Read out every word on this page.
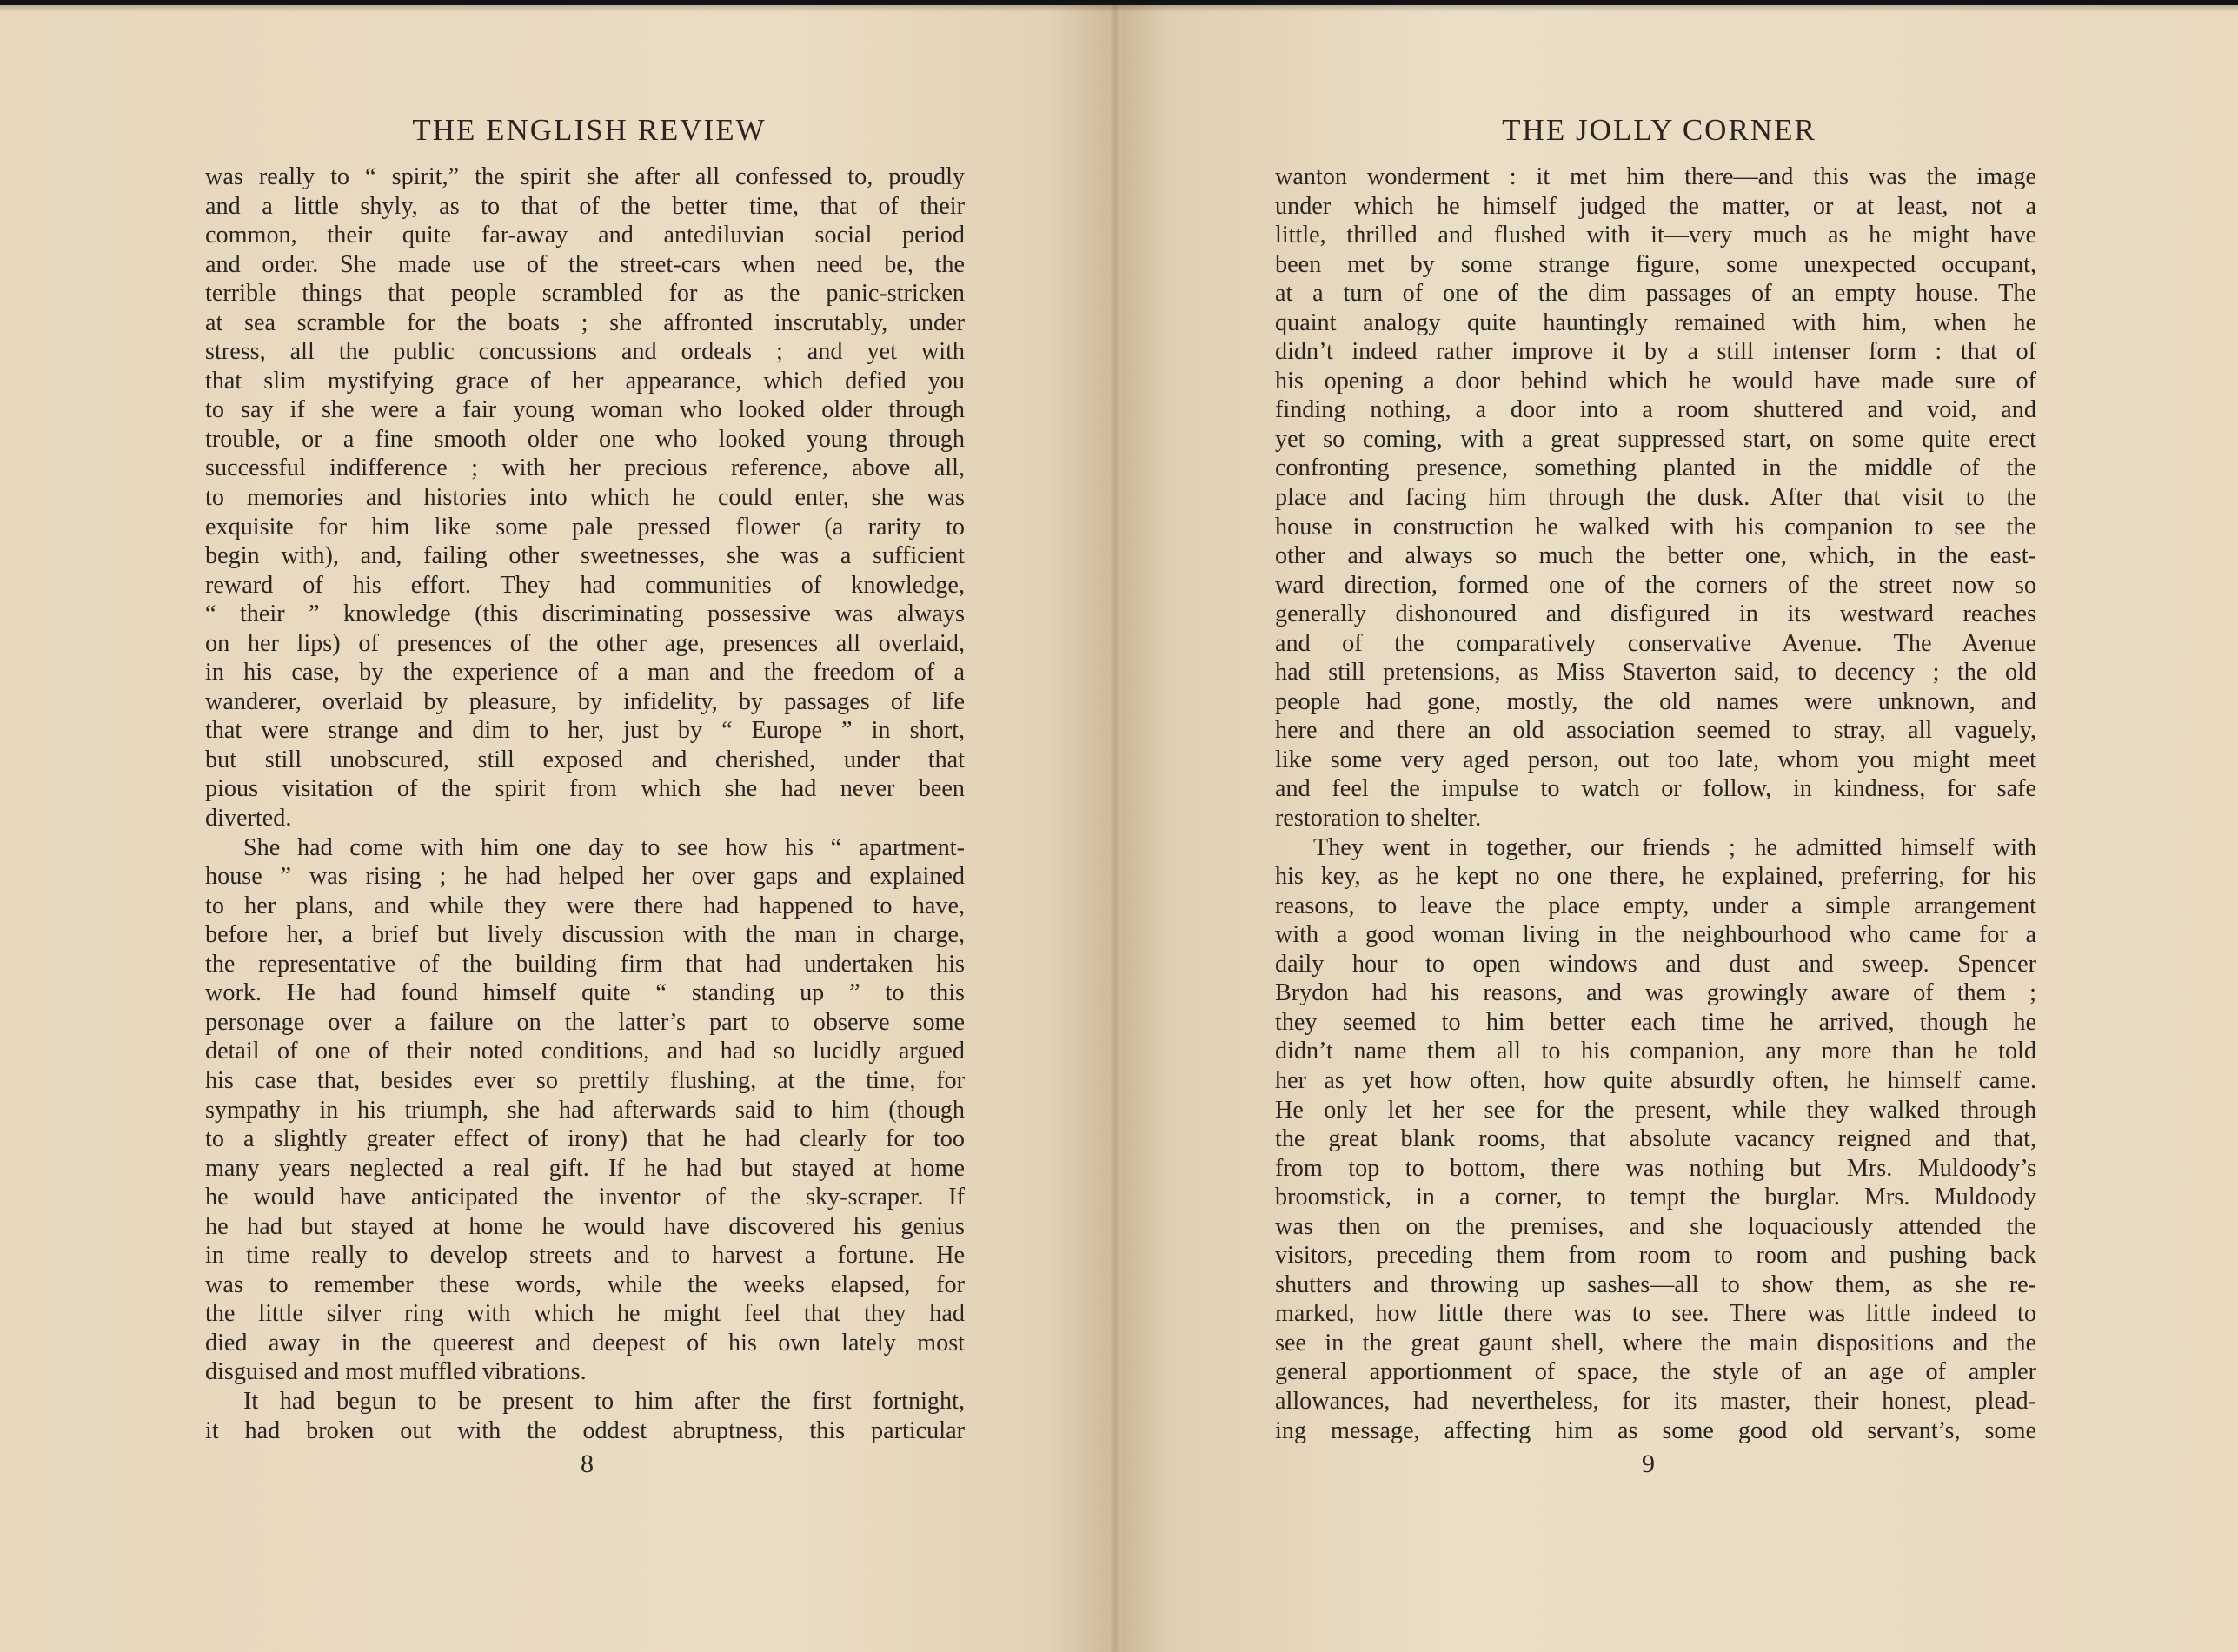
THE ENGLISH REVIEW
was really to “ spirit,” the spirit she after all confessed to, proudly
and a little shyly, as to that of the better time, that of their
common, their quite far-away and antediluvian social period
and order. She made use of the street-cars when need be, the
terrible things that people scrambled for as the panic-stricken
at sea scramble for the boats ; she affronted inscrutably, under
stress, all the public concussions and ordeals ; and yet with
that slim mystifying grace of her appearance, which defied you
to say if she were a fair young woman who looked older through
trouble, or a fine smooth older one who looked young through
successful indifference ; with her precious reference, above all,
to memories and histories into which he could enter, she was
exquisite for him like some pale pressed flower (a rarity to
begin with), and, failing other sweetnesses, she was a sufficient
reward of his effort. They had communities of knowledge,
“ their ” knowledge (this discriminating possessive was always
on her lips) of presences of the other age, presences all overlaid,
in his case, by the experience of a man and the freedom of a
wanderer, overlaid by pleasure, by infidelity, by passages of life
that were strange and dim to her, just by “ Europe ” in short,
but still unobscured, still exposed and cherished, under that
pious visitation of the spirit from which she had never been
diverted.
She had come with him one day to see how his “ apartment-
house ” was rising ; he had helped her over gaps and explained
to her plans, and while they were there had happened to have,
before her, a brief but lively discussion with the man in charge,
the representative of the building firm that had undertaken his
work. He had found himself quite “ standing up ” to this
personage over a failure on the latter’s part to observe some
detail of one of their noted conditions, and had so lucidly argued
his case that, besides ever so prettily flushing, at the time, for
sympathy in his triumph, she had afterwards said to him (though
to a slightly greater effect of irony) that he had clearly for too
many years neglected a real gift. If he had but stayed at home
he would have anticipated the inventor of the sky-scraper. If
he had but stayed at home he would have discovered his genius
in time really to develop streets and to harvest a fortune. He
was to remember these words, while the weeks elapsed, for
the little silver ring with which he might feel that they had
died away in the queerest and deepest of his own lately most
disguised and most muffled vibrations.
It had begun to be present to him after the first fortnight,
it had broken out with the oddest abruptness, this particular
8
THE JOLLY CORNER
wanton wonderment : it met him there—and this was the image
under which he himself judged the matter, or at least, not a
little, thrilled and flushed with it—very much as he might have
been met by some strange figure, some unexpected occupant,
at a turn of one of the dim passages of an empty house. The
quaint analogy quite hauntingly remained with him, when he
didn’t indeed rather improve it by a still intenser form : that of
his opening a door behind which he would have made sure of
finding nothing, a door into a room shuttered and void, and
yet so coming, with a great suppressed start, on some quite erect
confronting presence, something planted in the middle of the
place and facing him through the dusk. After that visit to the
house in construction he walked with his companion to see the
other and always so much the better one, which, in the east-
ward direction, formed one of the corners of the street now so
generally dishonoured and disfigured in its westward reaches
and of the comparatively conservative Avenue. The Avenue
had still pretensions, as Miss Staverton said, to decency ; the old
people had gone, mostly, the old names were unknown, and
here and there an old association seemed to stray, all vaguely,
like some very aged person, out too late, whom you might meet
and feel the impulse to watch or follow, in kindness, for safe
restoration to shelter.
They went in together, our friends ; he admitted himself with
his key, as he kept no one there, he explained, preferring, for his
reasons, to leave the place empty, under a simple arrangement
with a good woman living in the neighbourhood who came for a
daily hour to open windows and dust and sweep. Spencer
Brydon had his reasons, and was growingly aware of them ;
they seemed to him better each time he arrived, though he
didn’t name them all to his companion, any more than he told
her as yet how often, how quite absurdly often, he himself came.
He only let her see for the present, while they walked through
the great blank rooms, that absolute vacancy reigned and that,
from top to bottom, there was nothing but Mrs. Muldoody’s
broomstick, in a corner, to tempt the burglar. Mrs. Muldoody
was then on the premises, and she loquaciously attended the
visitors, preceding them from room to room and pushing back
shutters and throwing up sashes—all to show them, as she re-
marked, how little there was to see. There was little indeed to
see in the great gaunt shell, where the main dispositions and the
general apportionment of space, the style of an age of ampler
allowances, had nevertheless, for its master, their honest, plead-
ing message, affecting him as some good old servant’s, some
9
